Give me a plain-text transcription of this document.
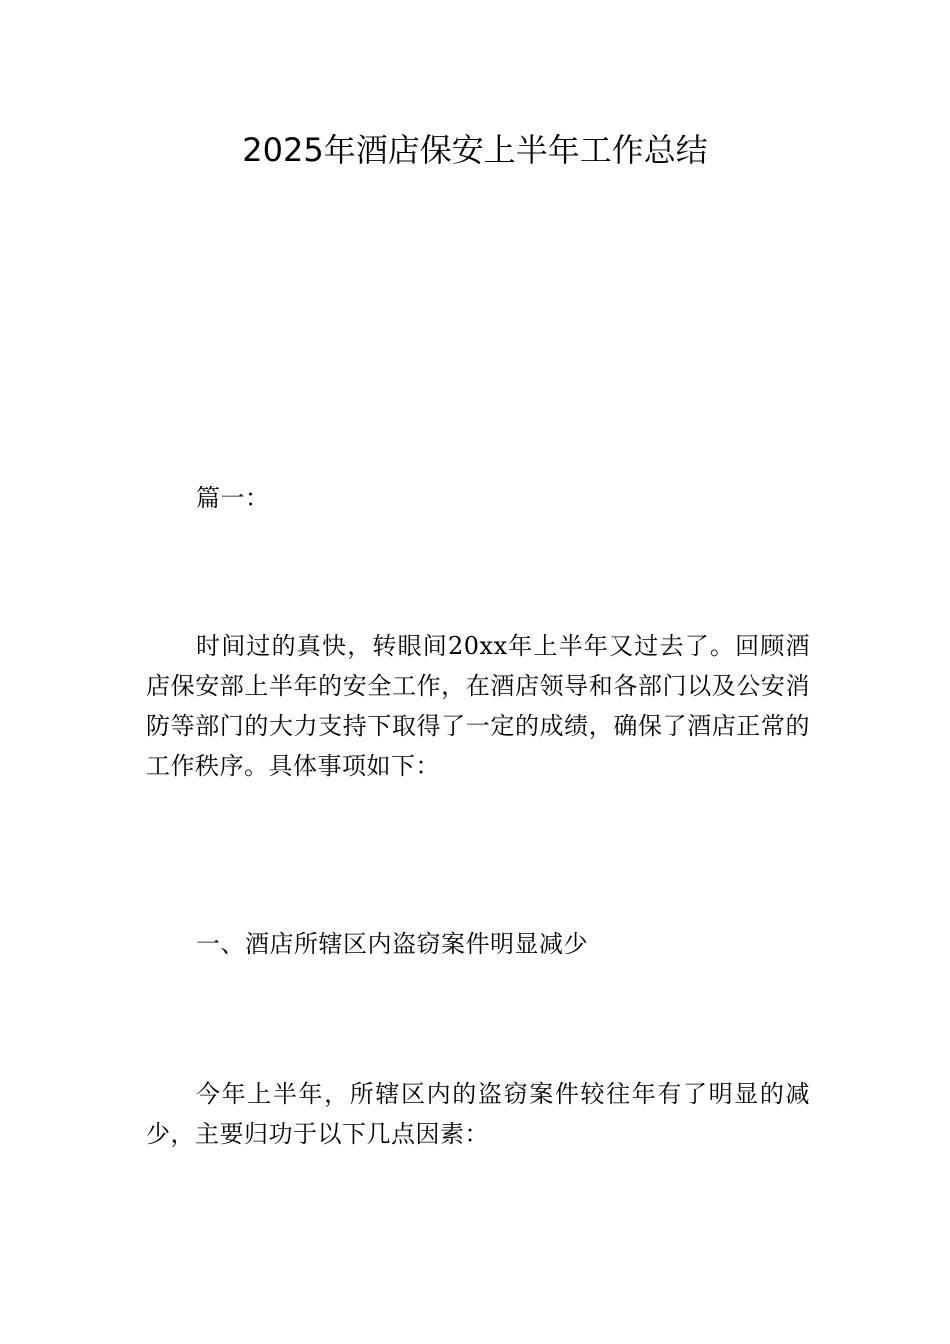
2025年酒店保安上半年工作总结
篇一：
时间过的真快，转眼间20xx年上半年又过去了。回顾酒店保安部上半年的安全工作，在酒店领导和各部门以及公安消防等部门的大力支持下取得了一定的成绩，确保了酒店正常的工作秩序。具体事项如下：
一、酒店所辖区内盗窃案件明显减少
今年上半年，所辖区内的盗窃案件较往年有了明显的减少，主要归功于以下几点因素：
